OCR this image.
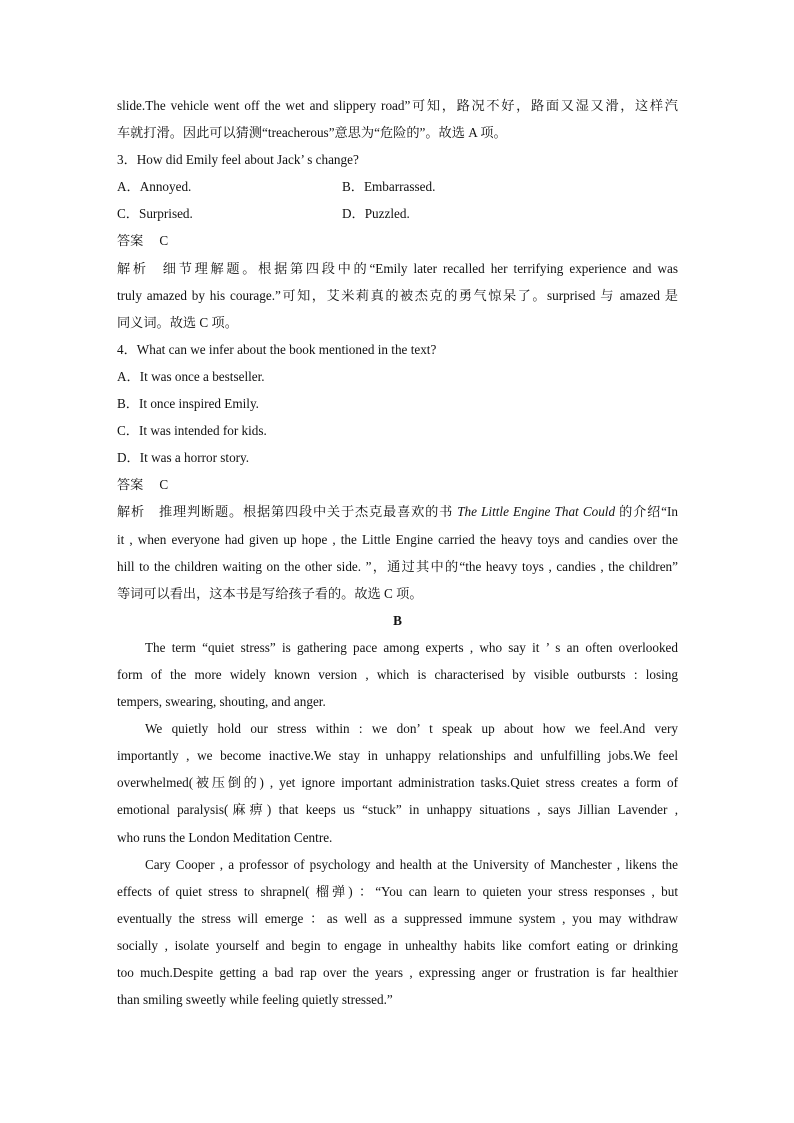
slide.The vehicle went off the wet and slippery road”可知，路况不好，路面又湿又滑，这样汽
车就打滑。因此可以猜测“treacherous”意思为“危险的”。故选 A 项。
3．How did Emily feel about Jack’ s change?
A．Annoyed.	B．Embarrassed.
C．Surprised.	D．Puzzled.
答案 C
解析 细节理解题。根据第四段中的“Emily later recalled her terrifying experience and was
truly amazed by his courage.”可知，艾米莉真的被杰克的勇气惊呆了。surprised 与 amazed 是
同义词。故选 C 项。
4．What can we infer about the book mentioned in the text?
A．It was once a bestseller.
B．It once inspired Emily.
C．It was intended for kids.
D．It was a horror story.
答案 C
解析 推理判断题。根据第四段中关于杰克最喜欢的书 The Little Engine That Could 的介绍“In
it , when everyone had given up hope , the Little Engine carried the heavy toys and candies over the
hill to the children waiting on the other side. ”，通过其中的“the heavy toys , candies , the children”
等词可以看出，这本书是写给孩子看的。故选 C 项。
B
The term “quiet stress” is gathering pace among experts , who say it ’ s an often overlooked
form of the more widely known version , which is characterised by visible outbursts : losing
tempers, swearing, shouting, and anger.
We quietly hold our stress within : we don’ t speak up about how we feel.And very
importantly , we become inactive.We stay in unhappy relationships and unfulfilling jobs.We feel
overwhelmed(被压倒的) , yet ignore important administration tasks.Quiet stress creates a form of
emotional paralysis(麻痹) that keeps us “stuck” in unhappy situations , says Jillian Lavender ,
who runs the London Meditation Centre.
Cary Cooper , a professor of psychology and health at the University of Manchester , likens the
effects of quiet stress to shrapnel( 榴弹) ：“You can learn to quieten your stress responses , but
eventually the stress will emerge ：as well as a suppressed immune system , you may withdraw
socially , isolate yourself and begin to engage in unhealthy habits like comfort eating or drinking
too much.Despite getting a bad rap over the years , expressing anger or frustration is far healthier
than smiling sweetly while feeling quietly stressed.”
